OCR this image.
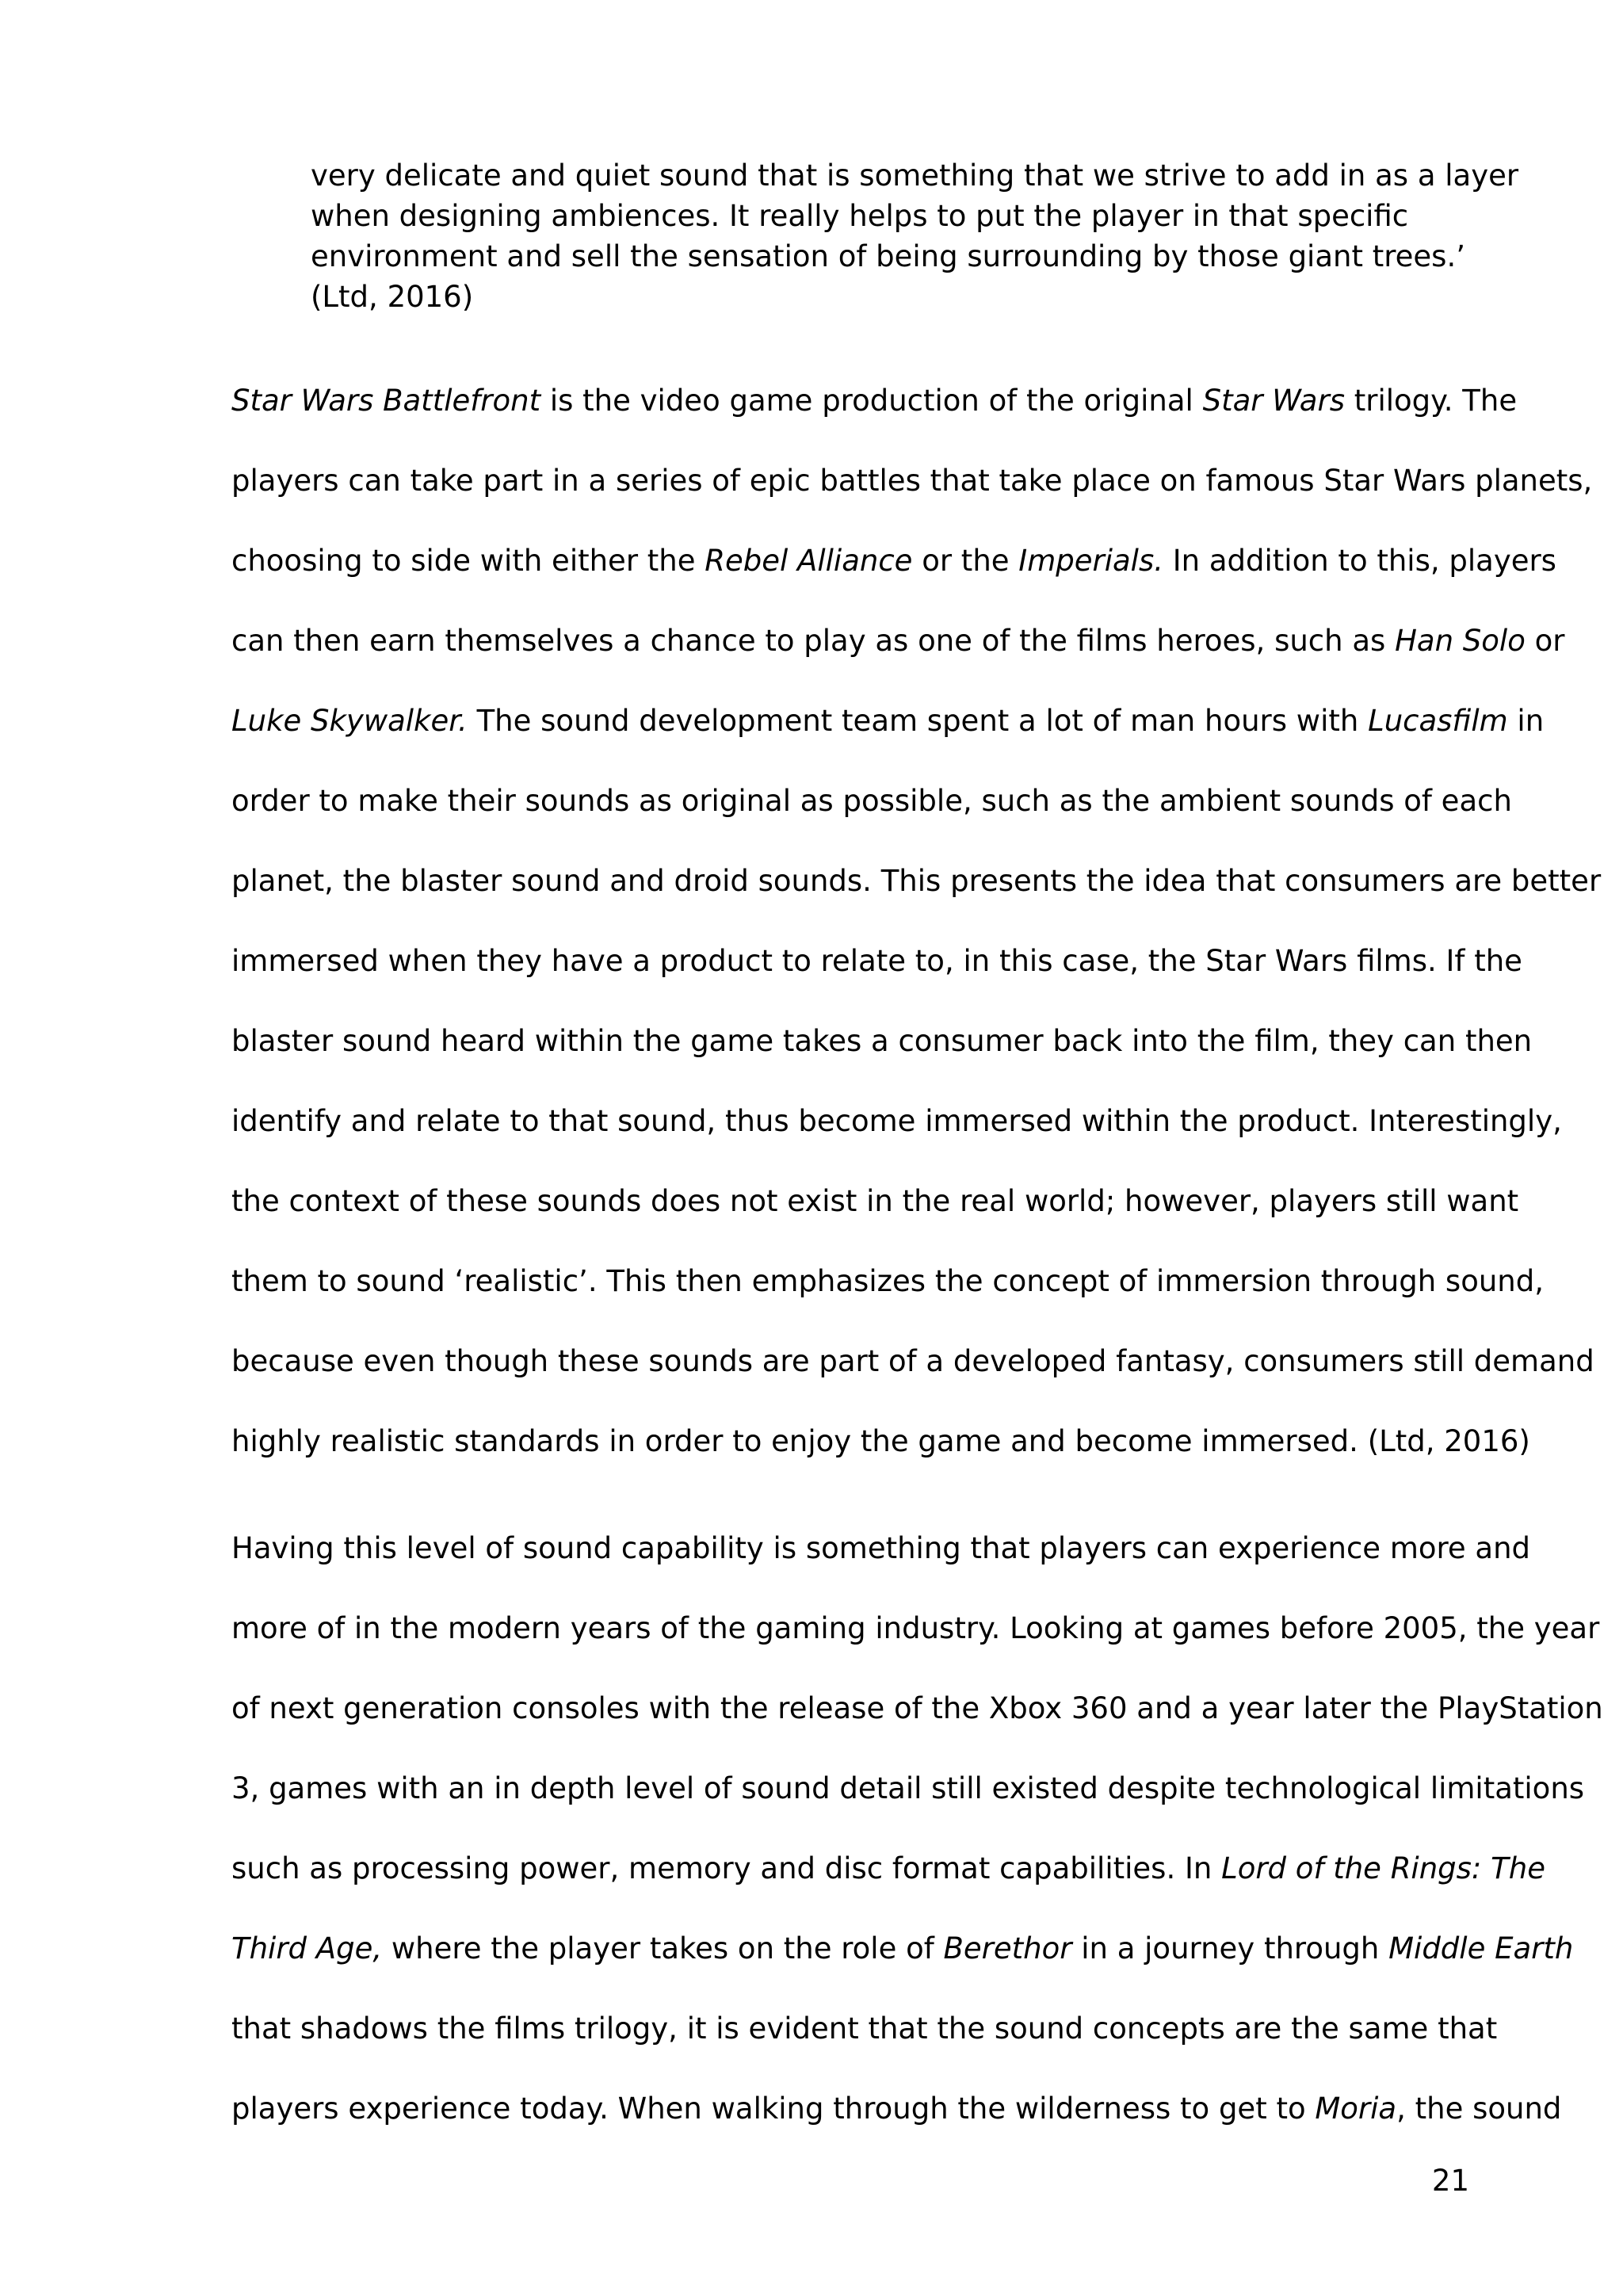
very delicate and quiet sound that is something that we strive to add in as a layer

when designing ambiences. It really helps to put the player in that specific

environment and sell the sensation of being surrounding by those giant trees.’

(Ltd, 2016)

Star Wars Battlefront is the video game production of the original Star Wars trilogy. The

players can take part in a series of epic battles that take place on famous Star Wars planets,

choosing to side with either the Rebel Alliance or the Imperials. In addition to this, players

can then earn themselves a chance to play as one of the films heroes, such as Han Solo or

Luke Skywalker. The sound development team spent a lot of man hours with Lucasfilm in

order to make their sounds as original as possible, such as the ambient sounds of each

planet, the blaster sound and droid sounds. This presents the idea that consumers are better

immersed when they have a product to relate to, in this case, the Star Wars films. If the

blaster sound heard within the game takes a consumer back into the film, they can then

identify and relate to that sound, thus become immersed within the product. Interestingly,

the context of these sounds does not exist in the real world; however, players still want

them to sound ‘realistic’. This then emphasizes the concept of immersion through sound,

because even though these sounds are part of a developed fantasy, consumers still demand

highly realistic standards in order to enjoy the game and become immersed. (Ltd, 2016)

Having this level of sound capability is something that players can experience more and

more of in the modern years of the gaming industry. Looking at games before 2005, the year

of next generation consoles with the release of the Xbox 360 and a year later the PlayStation

3, games with an in depth level of sound detail still existed despite technological limitations

such as processing power, memory and disc format capabilities. In Lord of the Rings: The

Third Age, where the player takes on the role of Berethor in a journey through Middle Earth

that shadows the films trilogy, it is evident that the sound concepts are the same that

players experience today. When walking through the wilderness to get to Moria, the sound

21
